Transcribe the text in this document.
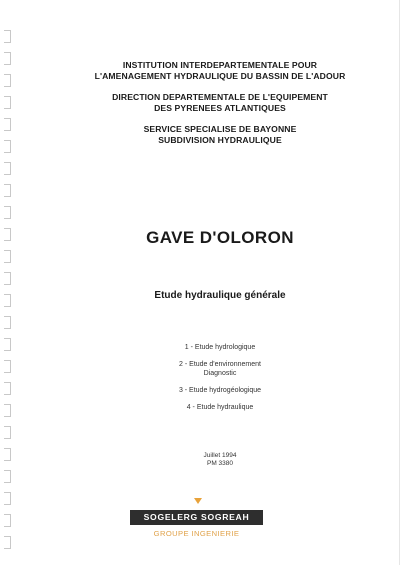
INSTITUTION INTERDEPARTEMENTALE POUR
L'AMENAGEMENT HYDRAULIQUE DU BASSIN DE L'ADOUR
DIRECTION DEPARTEMENTALE DE L'EQUIPEMENT
DES PYRENEES ATLANTIQUES
SERVICE SPECIALISE DE BAYONNE
SUBDIVISION HYDRAULIQUE
GAVE D'OLORON
Etude hydraulique générale
1 - Etude hydrologique
2 - Etude d'environnement
Diagnostic
3 - Etude hydrogéologique
4 - Etude hydraulique
Juillet 1994
PM 3380
SOGELERG SOGREAH
GROUPE INGENIERIE
